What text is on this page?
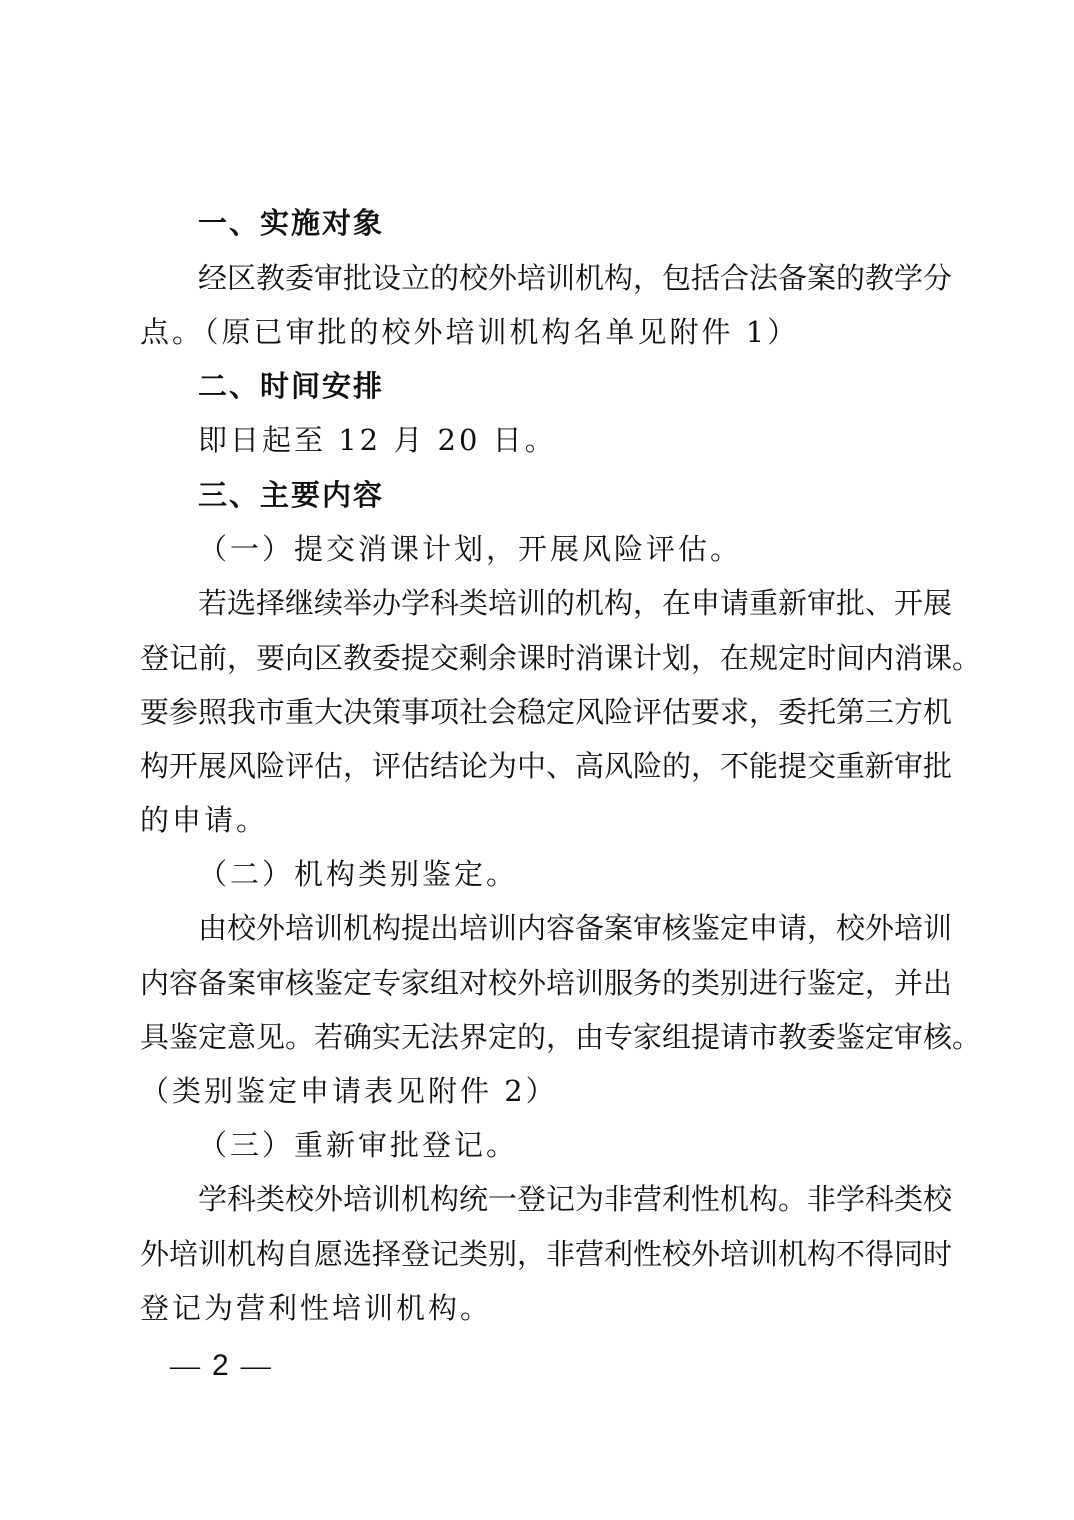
一、实施对象
经区教委审批设立的校外培训机构，包括合法备案的教学分
点。（原已审批的校外培训机构名单见附件 1）
二、时间安排
即日起至 12 月 20 日。
三、主要内容
（一）提交消课计划，开展风险评估。
若选择继续举办学科类培训的机构，在申请重新审批、开展
登记前，要向区教委提交剩余课时消课计划，在规定时间内消课。
要参照我市重大决策事项社会稳定风险评估要求，委托第三方机
构开展风险评估，评估结论为中、高风险的，不能提交重新审批
的申请。
（二）机构类别鉴定。
由校外培训机构提出培训内容备案审核鉴定申请，校外培训
内容备案审核鉴定专家组对校外培训服务的类别进行鉴定，并出
具鉴定意见。若确实无法界定的，由专家组提请市教委鉴定审核。
（类别鉴定申请表见附件 2）
（三）重新审批登记。
学科类校外培训机构统一登记为非营利性机构。非学科类校
外培训机构自愿选择登记类别，非营利性校外培训机构不得同时
登记为营利性培训机构。
— 2 —
